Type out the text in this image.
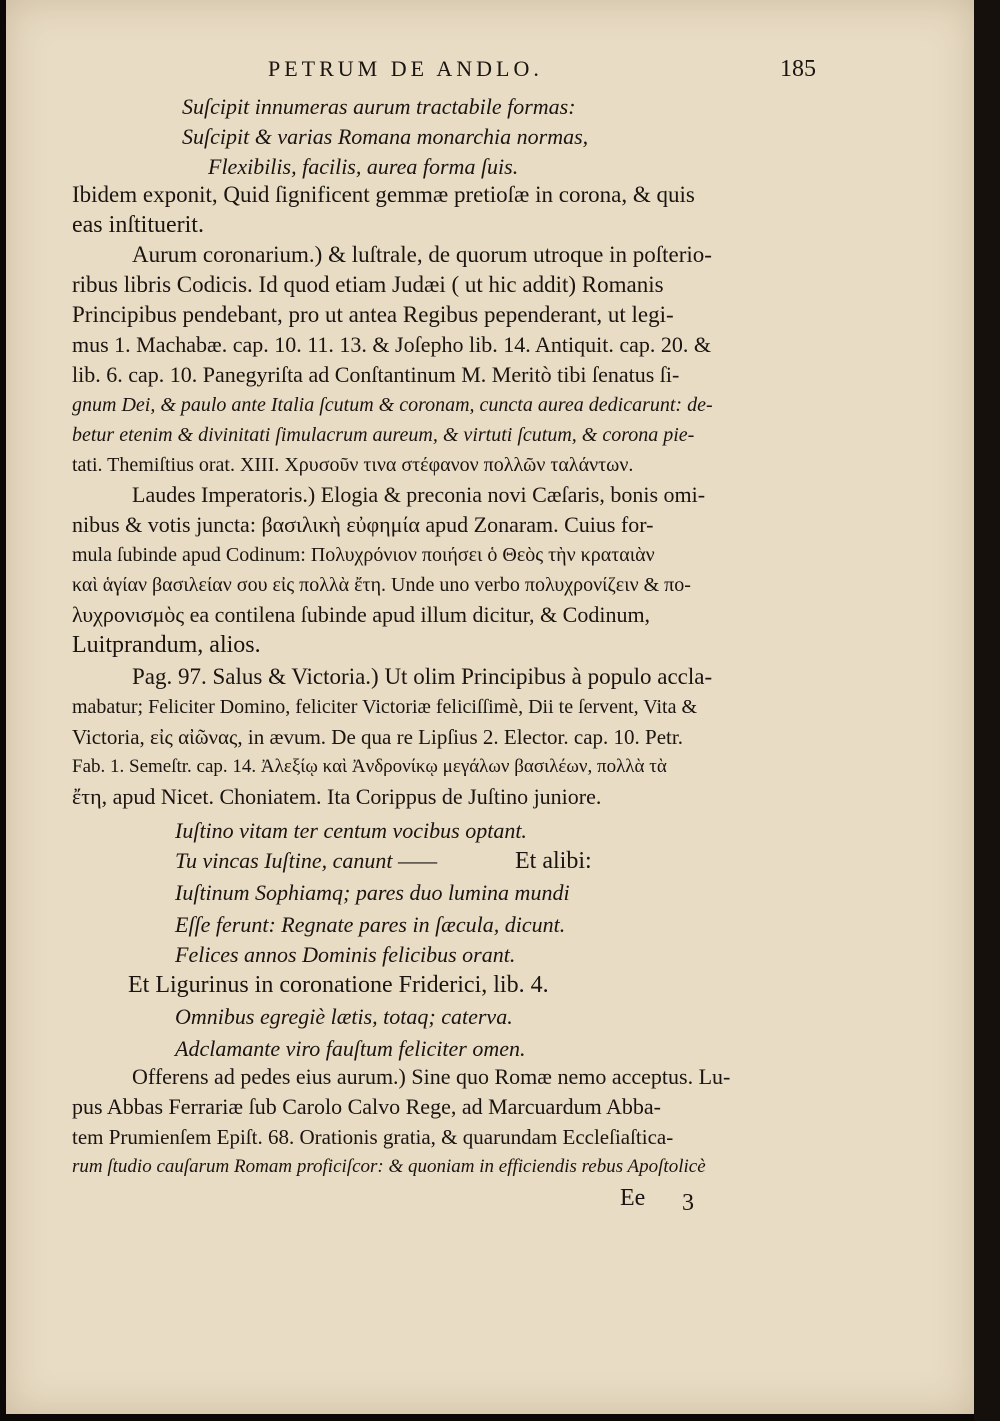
PETRUM DE ANDLO.	185
Suſcipit innumeras aurum tractabile formas:
Suſcipit & varias Romana monarchia normas,
Flexibilis, facilis, aurea forma ſuis.
Ibidem exponit, Quid ſignificent gemmæ pretioſæ in corona, & quis
eas inſtituerit.
Aurum coronarium.) & luſtrale, de quorum utroque in poſterio-
ribus libris Codicis. Id quod etiam Judæi ( ut hic addit) Romanis
Principibus pendebant, pro ut antea Regibus pependerant, ut legi-
mus 1. Machabæ. cap. 10. 11. 13. & Joſepho lib. 14. Antiquit. cap. 20. &
lib. 6. cap. 10. Panegyriſta ad Conſtantinum M. Meritò tibi ſenatus ſi-
gnum Dei, & paulo ante Italia ſcutum & coronam, cuncta aurea dedicarunt: de-
betur etenim & divinitati ſimulacrum aureum, & virtuti ſcutum, & corona pie-
tati. Themiſtius orat. XIII. Χρυσοῦν τινα στέφανον πολλῶν ταλάντων.
Laudes Imperatoris.) Elogia & preconia novi Cæſaris, bonis omi-
nibus & votis juncta: βασιλικὴ εὐφημία apud Zonaram. Cuius for-
mula ſubinde apud Codinum: Πολυχρόνιον ποιήσει ὁ Θεὸς τὴν κραταιὰν
καὶ ἁγίαν βασιλείαν σου εἰς πολλὰ ἔτη. Unde uno verbo πολυχρονίζειν & πο-
λυχρονισμὸς ea contilena ſubinde apud illum dicitur, & Codinum,
Luitprandum, alios.
Pag. 97. Salus & Victoria.) Ut olim Principibus à populo accla-
mabatur; Feliciter Domino, feliciter Victoriæ feliciſſimè, Dii te ſervent, Vita &
Victoria, εἰς αἰῶνας, in ævum. De qua re Lipſius 2. Elector. cap. 10. Petr.
Fab. 1. Semeſtr. cap. 14. Ἀλεξίῳ καὶ Ἀνδρονίκῳ μεγάλων βασιλέων, πολλὰ τὰ
ἔτη, apud Nicet. Choniatem. Ita Corippus de Juſtino juniore.
Iuſtino vitam ter centum vocibus optant.
Tu vincas Iuſtine, canunt ——	Et alibi:
Iuſtinum Sophiamq; pares duo lumina mundi
Eſſe ferunt: Regnate pares in ſæcula, dicunt.
Felices annos Dominis felicibus orant.
Et Ligurinus in coronatione Friderici, lib. 4.
Omnibus egregiè lætis, totaq; caterva.
Adclamante viro fauſtum feliciter omen.
Offerens ad pedes eius aurum.) Sine quo Romæ nemo acceptus. Lu-
pus Abbas Ferrariæ ſub Carolo Calvo Rege, ad Marcuardum Abba-
tem Prumienſem Epiſt. 68. Orationis gratia, & quarundam Eccleſiaſtica-
rum ſtudio cauſarum Romam proficiſcor: & quoniam in efficiendis rebus Apoſtolicè
Ee 3
